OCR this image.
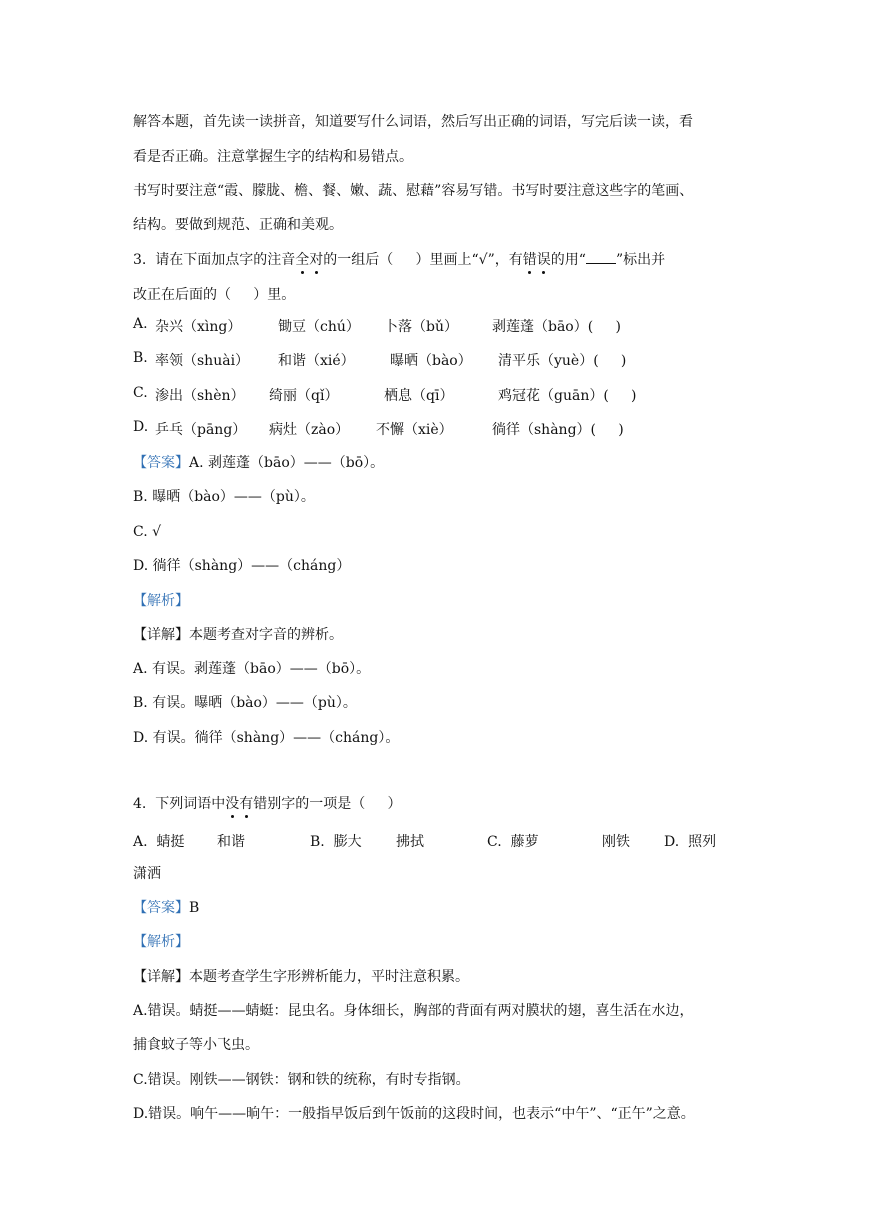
解答本题，首先读一读拼音，知道要写什么词语，然后写出正确的词语，写完后读一读，看
看是否正确。注意掌握生字的结构和易错点。
书写时要注意“霞、朦胧、檐、餐、嫩、蔬、慰藉”容易写错。书写时要注意这些字的笔画、
结构。要做到规范、正确和美观。
3.  请在下面加点字的注音全对的一组后（     ）里画上“√”，有错误的用“ ”标出并
改正在后面的（     ）里。
A. 杂兴（xìng）	锄豆（chú） 卜落（bǔ） 剥莲蓬（bāo）(     )
B. 率领（shuài） 和谐（xié）	曝晒（bào） 清平乐（yuè）(     )
C. 渗出（shèn） 绮丽（qǐ）	栖息（qī）	鸡冠花（guān）(     )
D. 乒乓（pāng） 病灶（zào） 不懈（xiè）	徜徉（shàng）(     )
【答案】A. 剥莲蓬（bāo）——（bō）。
B. 曝晒（bào）——（pù）。
C. √
D. 徜徉（shàng）——（cháng）
【解析】
【详解】本题考查对字音的辨析。
A. 有误。剥莲蓬（bāo）——（bō）。
B. 有误。曝晒（bào）——（pù）。
D. 有误。徜徉（shàng）——（cháng）。
4.  下列词语中没有错别字的一项是（     ）
A.  蜻挺 和谐	B.  膨大 拂拭	C.  藤萝	刚铁 D.  照列
潇洒
【答案】B
【解析】
【详解】本题考查学生字形辨析能力，平时注意积累。
A.错误。蜻挺——蜻蜓：昆虫名。身体细长，胸部的背面有两对膜状的翅，喜生活在水边，
捕食蚊子等小飞虫。
C.错误。刚铁——钢铁：钢和铁的统称，有时专指钢。
D.错误。响午——晌午：一般指早饭后到午饭前的这段时间，也表示“中午”、“正午”之意。
